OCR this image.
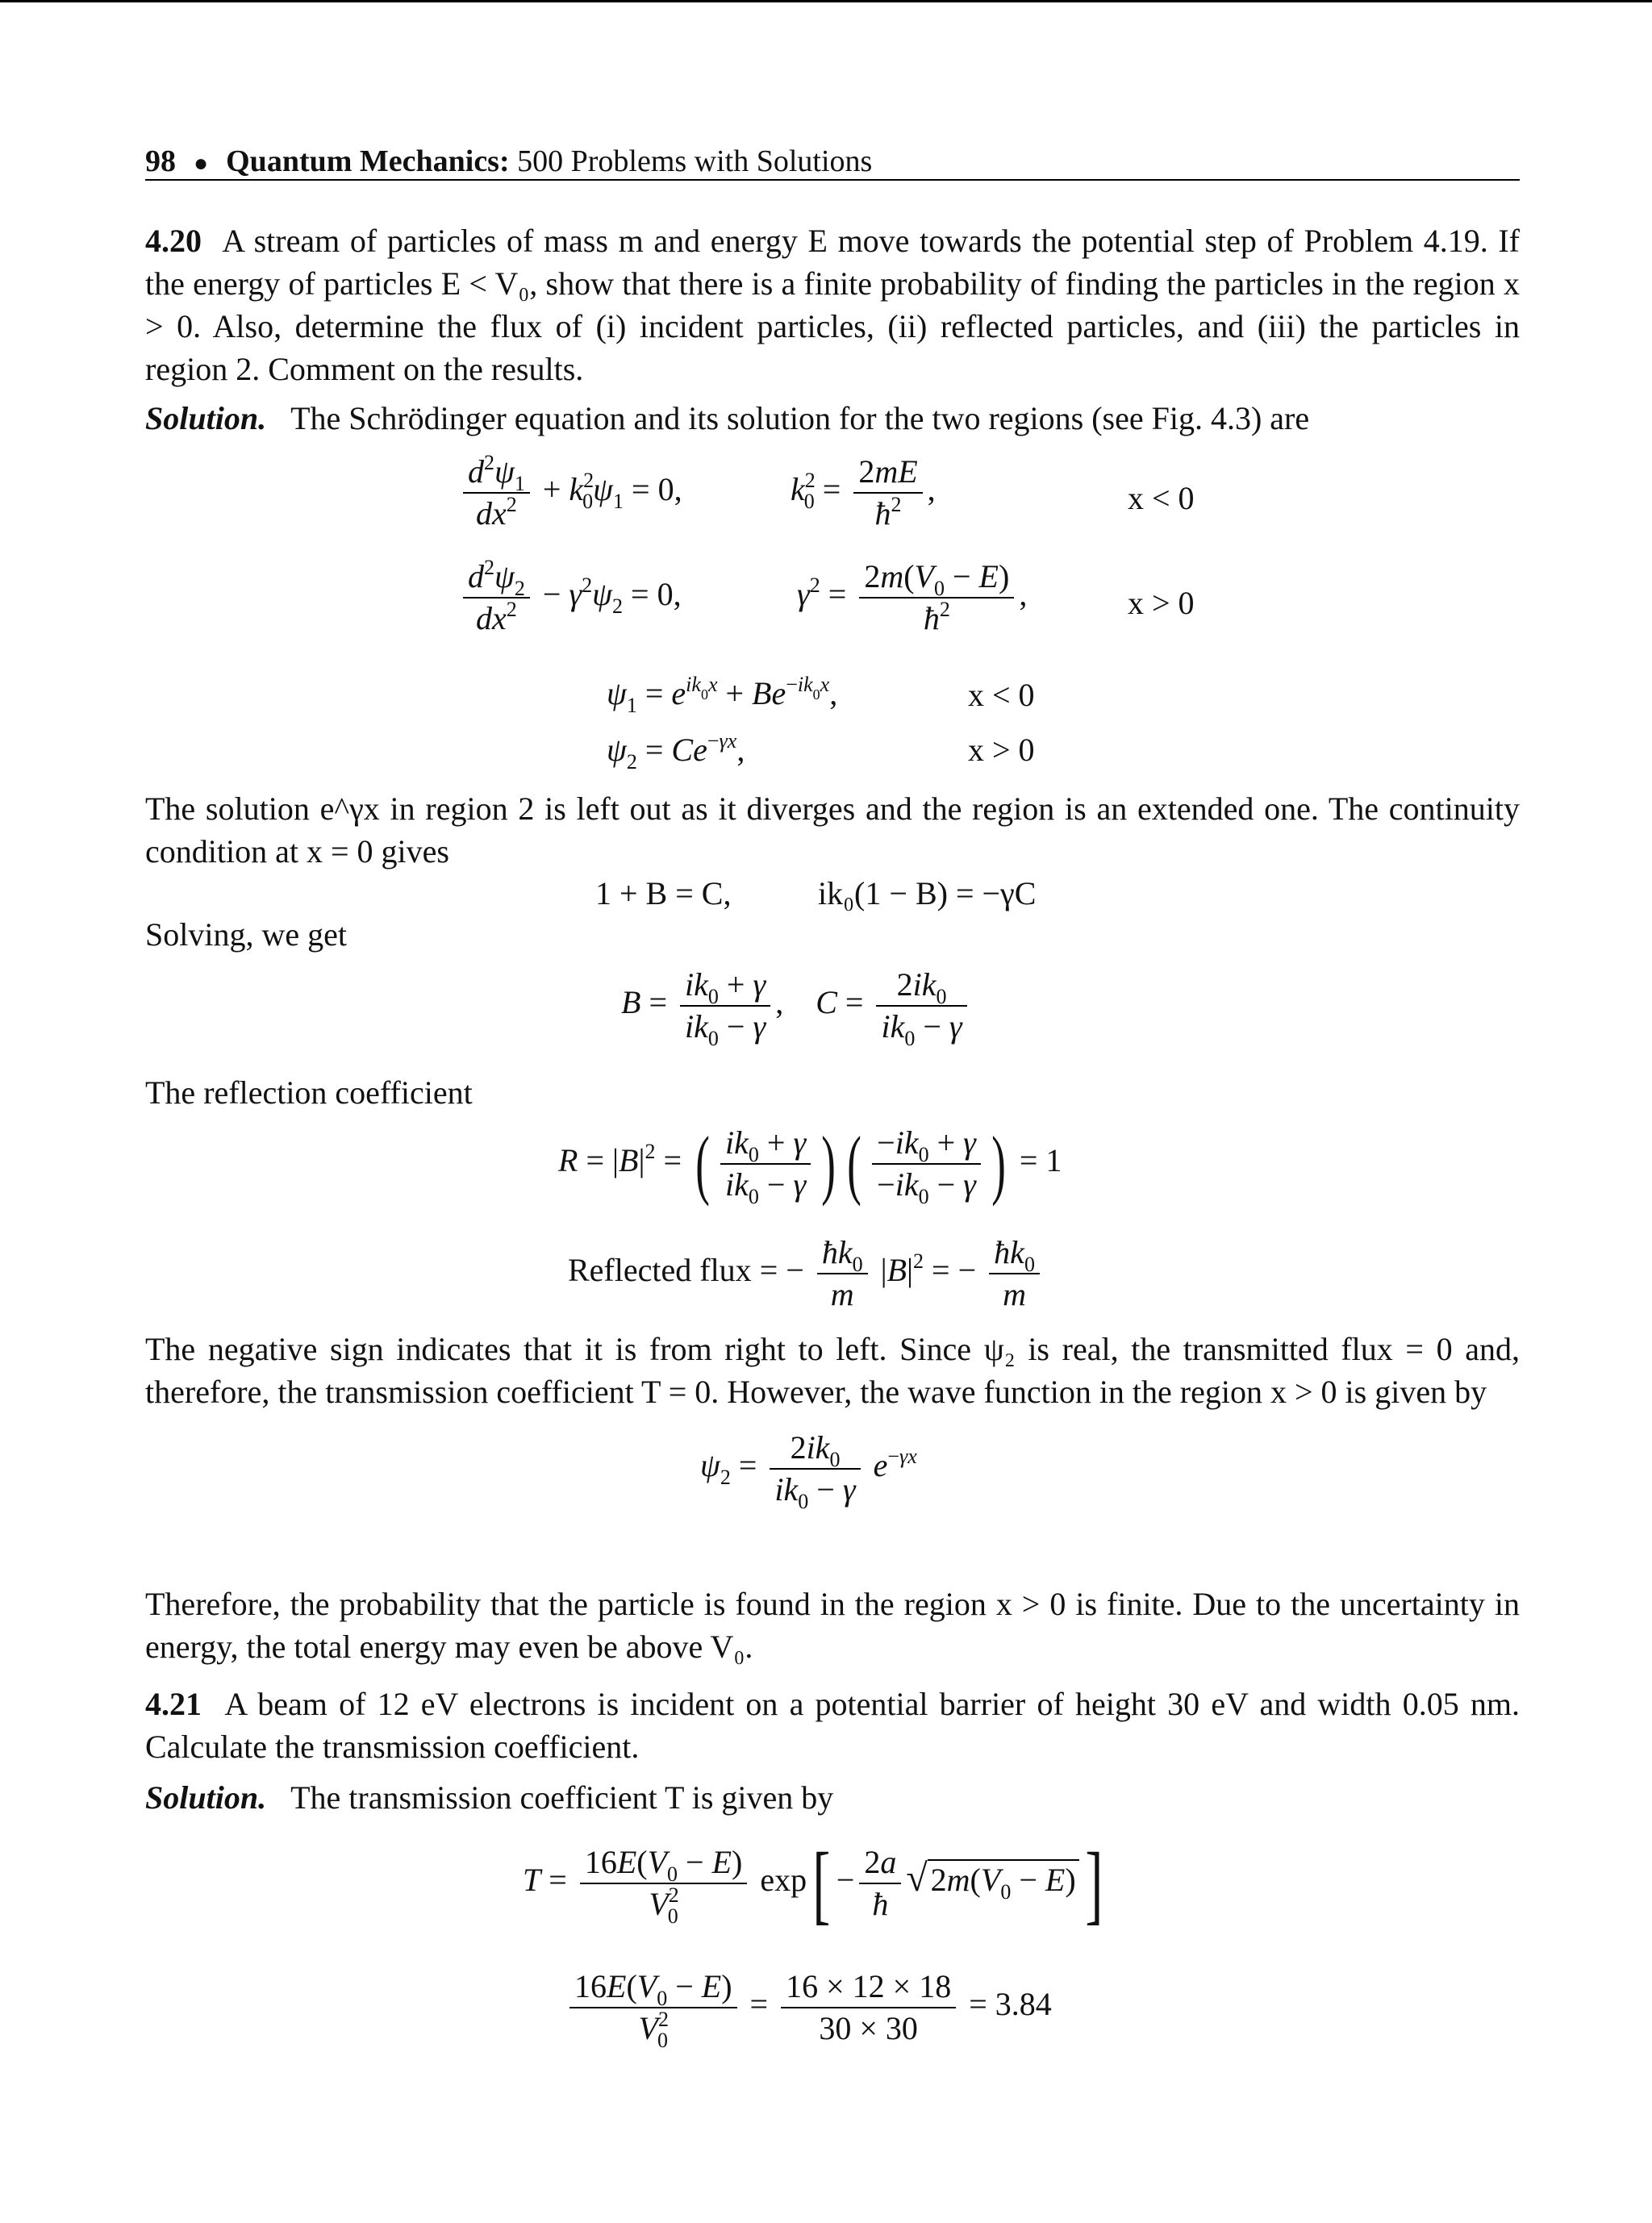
98 ● Quantum Mechanics: 500 Problems with Solutions
4.20 A stream of particles of mass m and energy E move towards the potential step of Problem 4.19. If the energy of particles E < V₀, show that there is a finite probability of finding the particles in the region x > 0. Also, determine the flux of (i) incident particles, (ii) reflected particles, and (iii) the particles in region 2. Comment on the results.
Solution. The Schrödinger equation and its solution for the two regions (see Fig. 4.3) are
$\frac{d^2\psi_1}{dx^2} + k^2_0\psi_1 = 0$,	$k^2_0 = \frac{2mE}{ħ^2}$ ,	x < 0
$\frac{d^2\psi_2}{dx^2} - \gamma^2\psi_2 = 0$,	$\gamma^2 = \frac{2m(V_0 - E)}{ħ^2}$ ,	x > 0
$\psi_1 = e^{ik_0x} + Be^{-ik_0x}$,	x < 0
$\psi_2 = Ce^{-\gamma x}$,	x > 0
The solution e^γx in region 2 is left out as it diverges and the region is an extended one. The continuity condition at x = 0 gives
1 + B = C,	ik₀(1 − B) = −γC
Solving, we get
$B = \frac{ik_0 + \gamma}{ik_0 - \gamma}$ ,    $C = \frac{2ik_0}{ik_0 - \gamma}$
The reflection coefficient
$R = |B|^2$ = ( $\frac{ik_0 + \gamma}{ik_0 - \gamma}$ ) ( $\frac{-ik_0 + \gamma}{-ik_0 - \gamma}$ ) = 1
Reflected flux = − $\frac{ħk_0}{m} |B|^2$ = − $\frac{ħk_0}{m}$
The negative sign indicates that it is from right to left. Since ψ₂ is real, the transmitted flux = 0 and, therefore, the transmission coefficient T = 0. However, the wave function in the region x > 0 is given by
$\psi_2 = \frac{2ik_0}{ik_0 - \gamma} e^{-\gamma x}$
Therefore, the probability that the particle is found in the region x > 0 is finite. Due to the uncertainty in energy, the total energy may even be above V₀.
4.21 A beam of 12 eV electrons is incident on a potential barrier of height 30 eV and width 0.05 nm. Calculate the transmission coefficient.
Solution. The transmission coefficient T is given by
$T = \frac{16E(V_0 - E)}{V^2_0} \exp[ - \frac{2a}{ħ}$ √ $2m(V_0 - E)$ ]
$\frac{16E(V_0 - E)}{V^2_0} = \frac{16 \times 12 \times 18}{30 \times 30} = 3.84$
